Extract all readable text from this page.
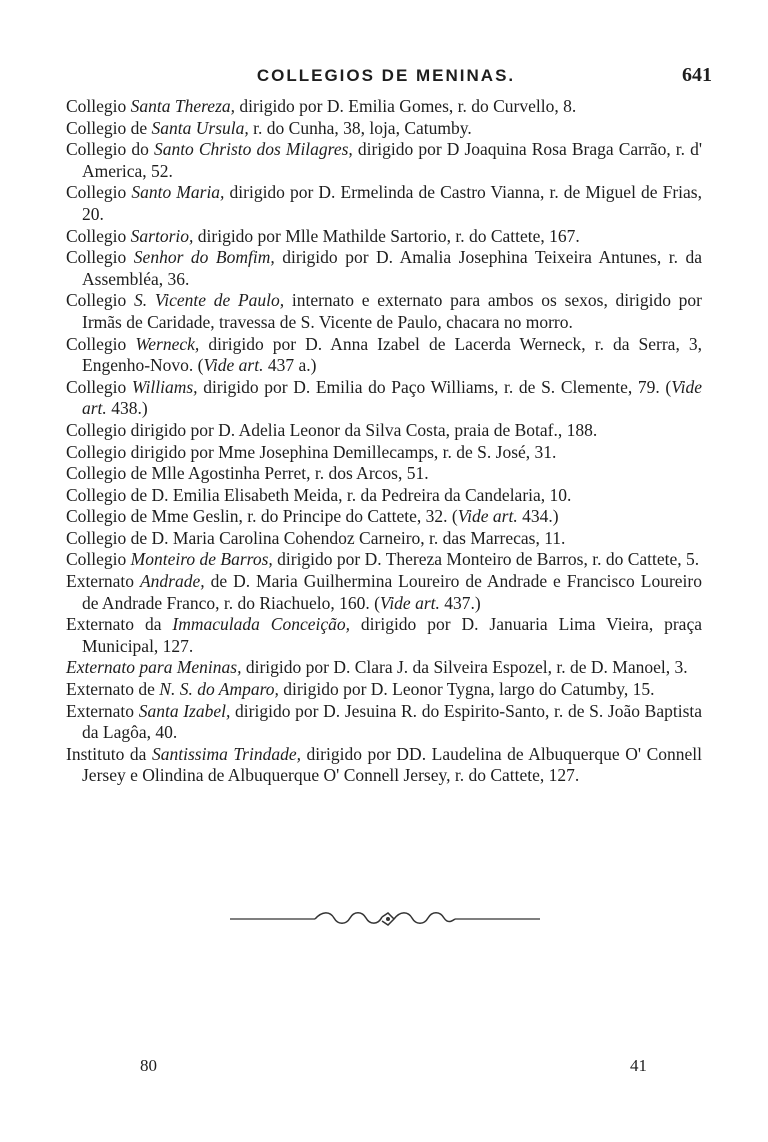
COLLEGIOS DE MENINAS.	641
Collegio Santa Thereza, dirigido por D. Emilia Gomes, r. do Curvello, 8.
Collegio de Santa Ursula, r. do Cunha, 38, loja, Catumby.
Collegio do Santo Christo dos Milagres, dirigido por D Joaquina Rosa Braga Carrão, r. d' America, 52.
Collegio Santo Maria, dirigido por D. Ermelinda de Castro Vianna, r. de Miguel de Frias, 20.
Collegio Sartorio, dirigido por Mlle Mathilde Sartorio, r. do Cattete, 167.
Collegio Senhor do Bomfim, dirigido por D. Amalia Josephina Teixeira Antunes, r. da Assembléa, 36.
Collegio S. Vicente de Paulo, internato e externato para ambos os sexos, dirigido por Irmãs de Caridade, travessa de S. Vicente de Paulo, chacara no morro.
Collegio Werneck, dirigido por D. Anna Izabel de Lacerda Werneck, r. da Serra, 3, Engenho-Novo. (Vide art. 437 a.)
Collegio Williams, dirigido por D. Emilia do Paço Williams, r. de S. Clemente, 79. (Vide art. 438.)
Collegio dirigido por D. Adelia Leonor da Silva Costa, praia de Botaf., 188.
Collegio dirigido por Mme Josephina Demillecamps, r. de S. José, 31.
Collegio de Mlle Agostinha Perret, r. dos Arcos, 51.
Collegio de D. Emilia Elisabeth Meida, r. da Pedreira da Candelaria, 10.
Collegio de Mme Geslin, r. do Principe do Cattete, 32. (Vide art. 434.)
Collegio de D. Maria Carolina Cohendoz Carneiro, r. das Marrecas, 11.
Collegio Monteiro de Barros, dirigido por D. Thereza Monteiro de Barros, r. do Cattete, 5.
Externato Andrade, de D. Maria Guilhermina Loureiro de Andrade e Francisco Loureiro de Andrade Franco, r. do Riachuelo, 160. (Vide art. 437.)
Externato da Immaculada Conceição, dirigido por D. Januaria Lima Vieira, praça Municipal, 127.
Externato para Meninas, dirigido por D. Clara J. da Silveira Espozel, r. de D. Manoel, 3.
Externato de N. S. do Amparo, dirigido por D. Leonor Tygna, largo do Catumby, 15.
Externato Santa Izabel, dirigido por D. Jesuina R. do Espirito-Santo, r. de S. João Baptista da Lagôa, 40.
Instituto da Santissima Trindade, dirigido por DD. Laudelina de Albuquerque O' Connell Jersey e Olindina de Albuquerque O' Connell Jersey, r. do Cattete, 127.
80	41
